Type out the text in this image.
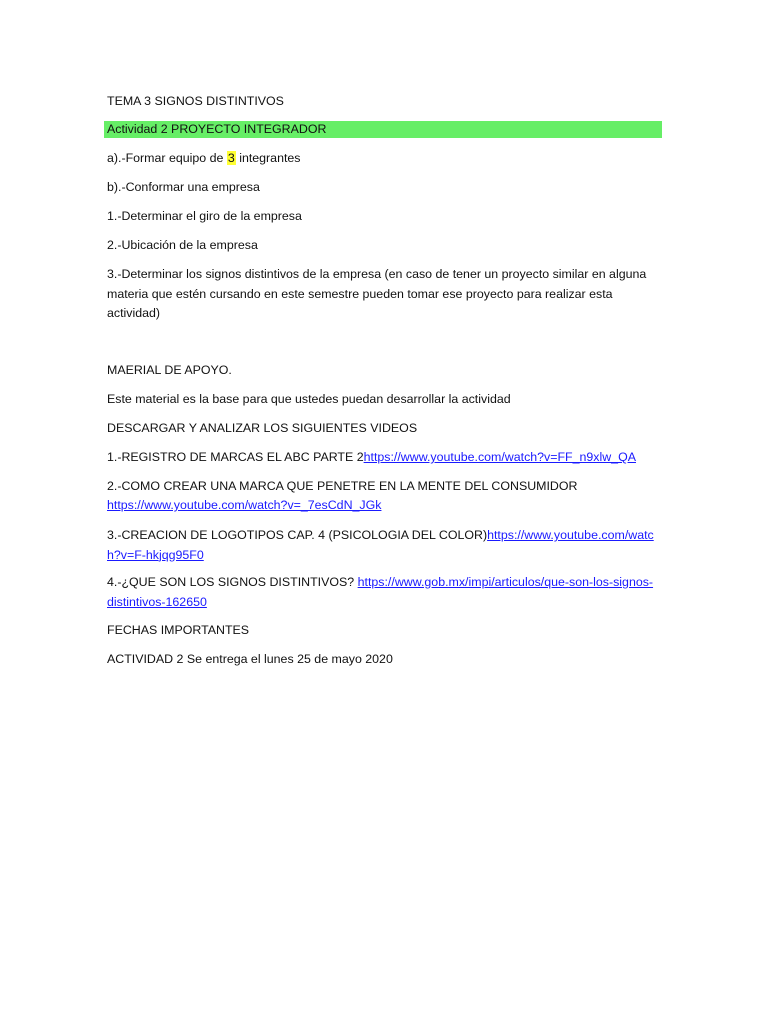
TEMA 3 SIGNOS DISTINTIVOS
Actividad 2 PROYECTO INTEGRADOR
a).-Formar equipo de 3 integrantes
b).-Conformar una empresa
1.-Determinar el giro de la empresa
2.-Ubicación de la empresa
3.-Determinar los signos distintivos de la empresa (en caso de tener un proyecto similar en alguna materia que estén cursando en este semestre pueden tomar ese proyecto para realizar esta actividad)
MAERIAL DE APOYO.
Este material es la base para que ustedes puedan desarrollar la actividad
DESCARGAR Y ANALIZAR LOS SIGUIENTES VIDEOS
1.-REGISTRO DE MARCAS EL ABC PARTE 2https://www.youtube.com/watch?v=FF_n9xlw_QA
2.-COMO CREAR UNA MARCA QUE PENETRE EN LA MENTE DEL CONSUMIDOR
https://www.youtube.com/watch?v=_7esCdN_JGk
3.-CREACION DE LOGOTIPOS CAP. 4 (PSICOLOGIA DEL COLOR)https://www.youtube.com/watch?v=F-hkjqg95F0
4.-¿QUE SON LOS SIGNOS DISTINTIVOS? https://www.gob.mx/impi/articulos/que-son-los-signos-distintivos-162650
FECHAS IMPORTANTES
ACTIVIDAD 2 Se entrega el lunes 25 de mayo 2020
